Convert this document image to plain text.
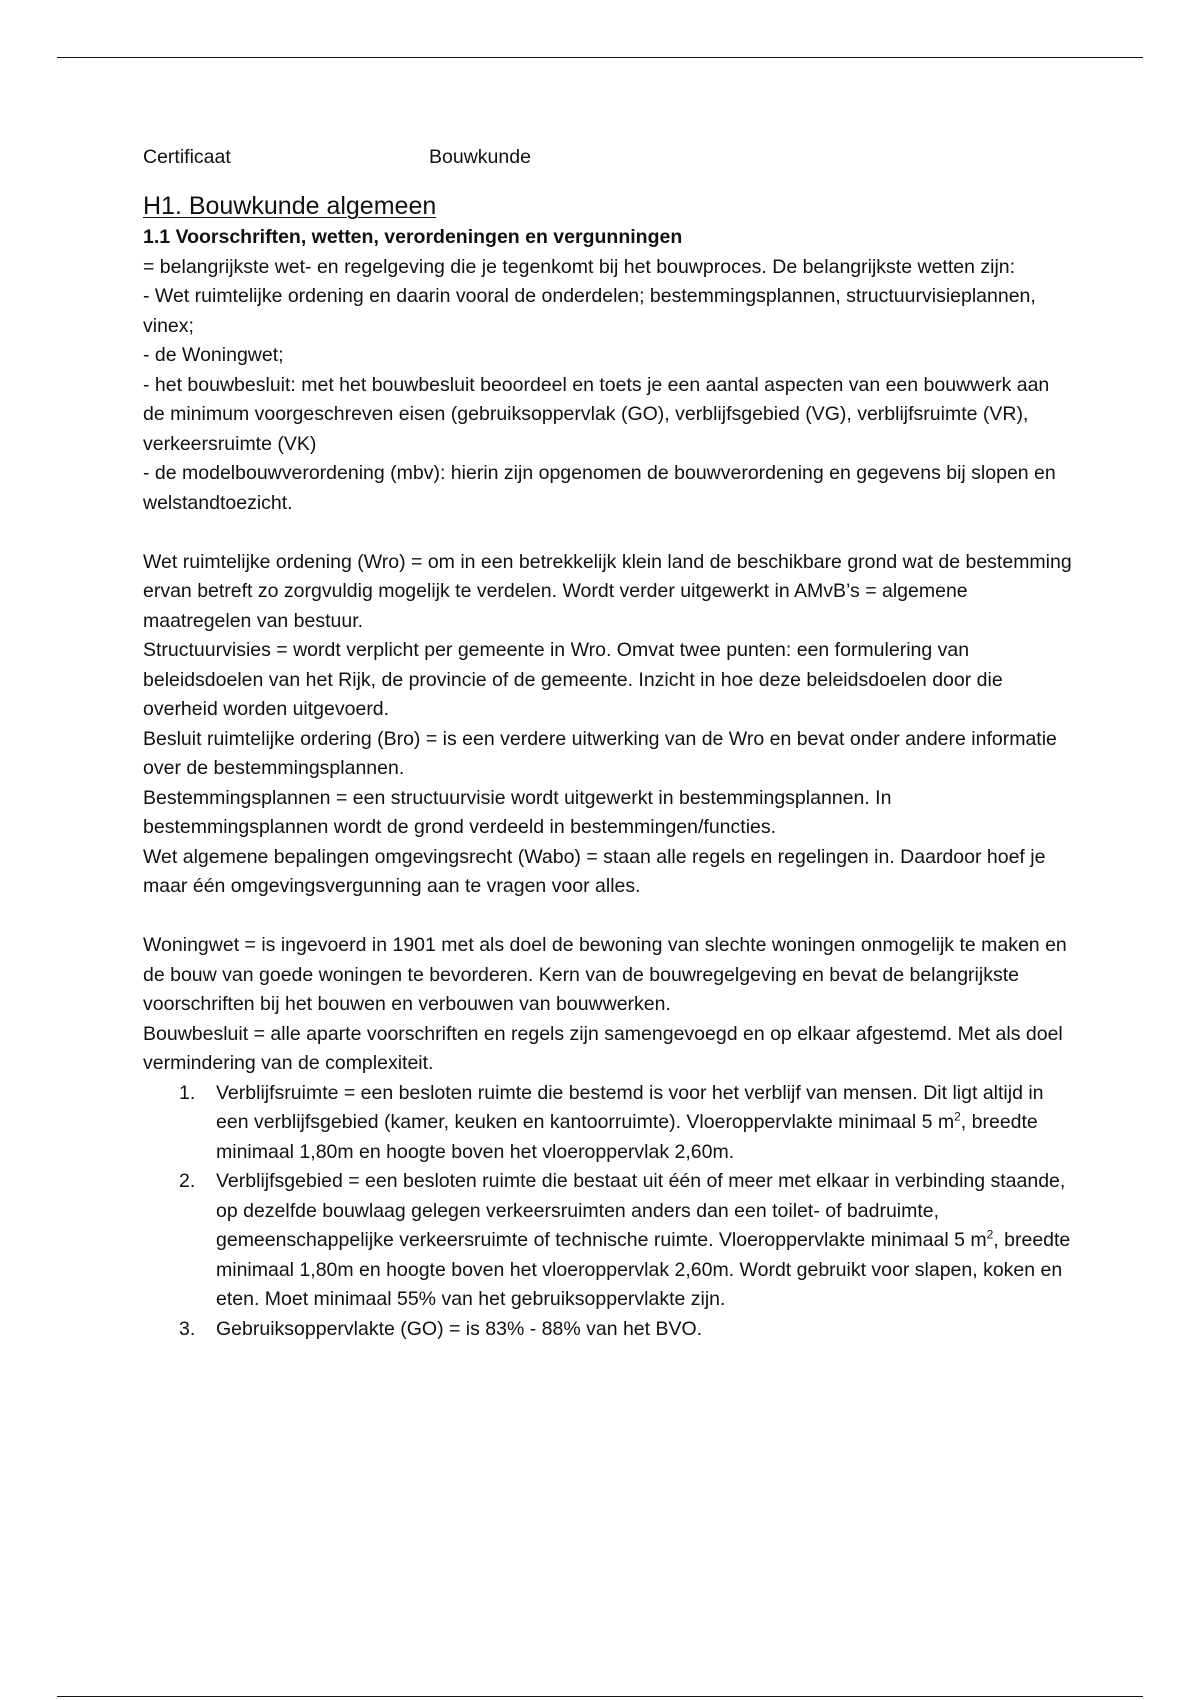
Certificaat	Bouwkunde
H1. Bouwkunde algemeen
1.1 Voorschriften, wetten, verordeningen en vergunningen
= belangrijkste wet- en regelgeving die je tegenkomt bij het bouwproces. De belangrijkste wetten zijn:
- Wet ruimtelijke ordening en daarin vooral de onderdelen; bestemmingsplannen, structuurvisieplannen, vinex;
- de Woningwet;
- het bouwbesluit: met het bouwbesluit beoordeel en toets je een aantal aspecten van een bouwwerk aan de minimum voorgeschreven eisen (gebruiksoppervlak (GO), verblijfsgebied (VG), verblijfsruimte (VR), verkeersruimte (VK)
- de modelbouwverordening (mbv): hierin zijn opgenomen de bouwverordening en gegevens bij slopen en welstandtoezicht.
Wet ruimtelijke ordening (Wro) = om in een betrekkelijk klein land de beschikbare grond wat de bestemming ervan betreft zo zorgvuldig mogelijk te verdelen. Wordt verder uitgewerkt in AMvB’s = algemene maatregelen van bestuur.
Structuurvisies = wordt verplicht per gemeente in Wro. Omvat twee punten: een formulering van beleidsdoelen van het Rijk, de provincie of de gemeente. Inzicht in hoe deze beleidsdoelen door die overheid worden uitgevoerd.
Besluit ruimtelijke ordering (Bro) = is een verdere uitwerking van de Wro en bevat onder andere informatie over de bestemmingsplannen.
Bestemmingsplannen = een structuurvisie wordt uitgewerkt in bestemmingsplannen. In bestemmingsplannen wordt de grond verdeeld in bestemmingen/functies.
Wet algemene bepalingen omgevingsrecht (Wabo) = staan alle regels en regelingen in. Daardoor hoef je maar één omgevingsvergunning aan te vragen voor alles.
Woningwet = is ingevoerd in 1901 met als doel de bewoning van slechte woningen onmogelijk te maken en de bouw van goede woningen te bevorderen. Kern van de bouwregelgeving en bevat de belangrijkste voorschriften bij het bouwen en verbouwen van bouwwerken.
Bouwbesluit = alle aparte voorschriften en regels zijn samengevoegd en op elkaar afgestemd. Met als doel vermindering van de complexiteit.
1. Verblijfsruimte = een besloten ruimte die bestemd is voor het verblijf van mensen. Dit ligt altijd in een verblijfsgebied (kamer, keuken en kantoorruimte). Vloeroppervlakte minimaal 5 $m^2$, breedte minimaal 1,80m en hoogte boven het vloeroppervlak 2,60m.
2. Verblijfsgebied = een besloten ruimte die bestaat uit één of meer met elkaar in verbinding staande, op dezelfde bouwlaag gelegen verkeersruimten anders dan een toilet- of badruimte, gemeenschappelijke verkeersruimte of technische ruimte. Vloeroppervlakte minimaal 5 $m^2$, breedte minimaal 1,80m en hoogte boven het vloeroppervlak 2,60m. Wordt gebruikt voor slapen, koken en eten. Moet minimaal 55% van het gebruiksoppervlakte zijn.
3. Gebruiksoppervlakte (GO) = is 83% - 88% van het BVO.
